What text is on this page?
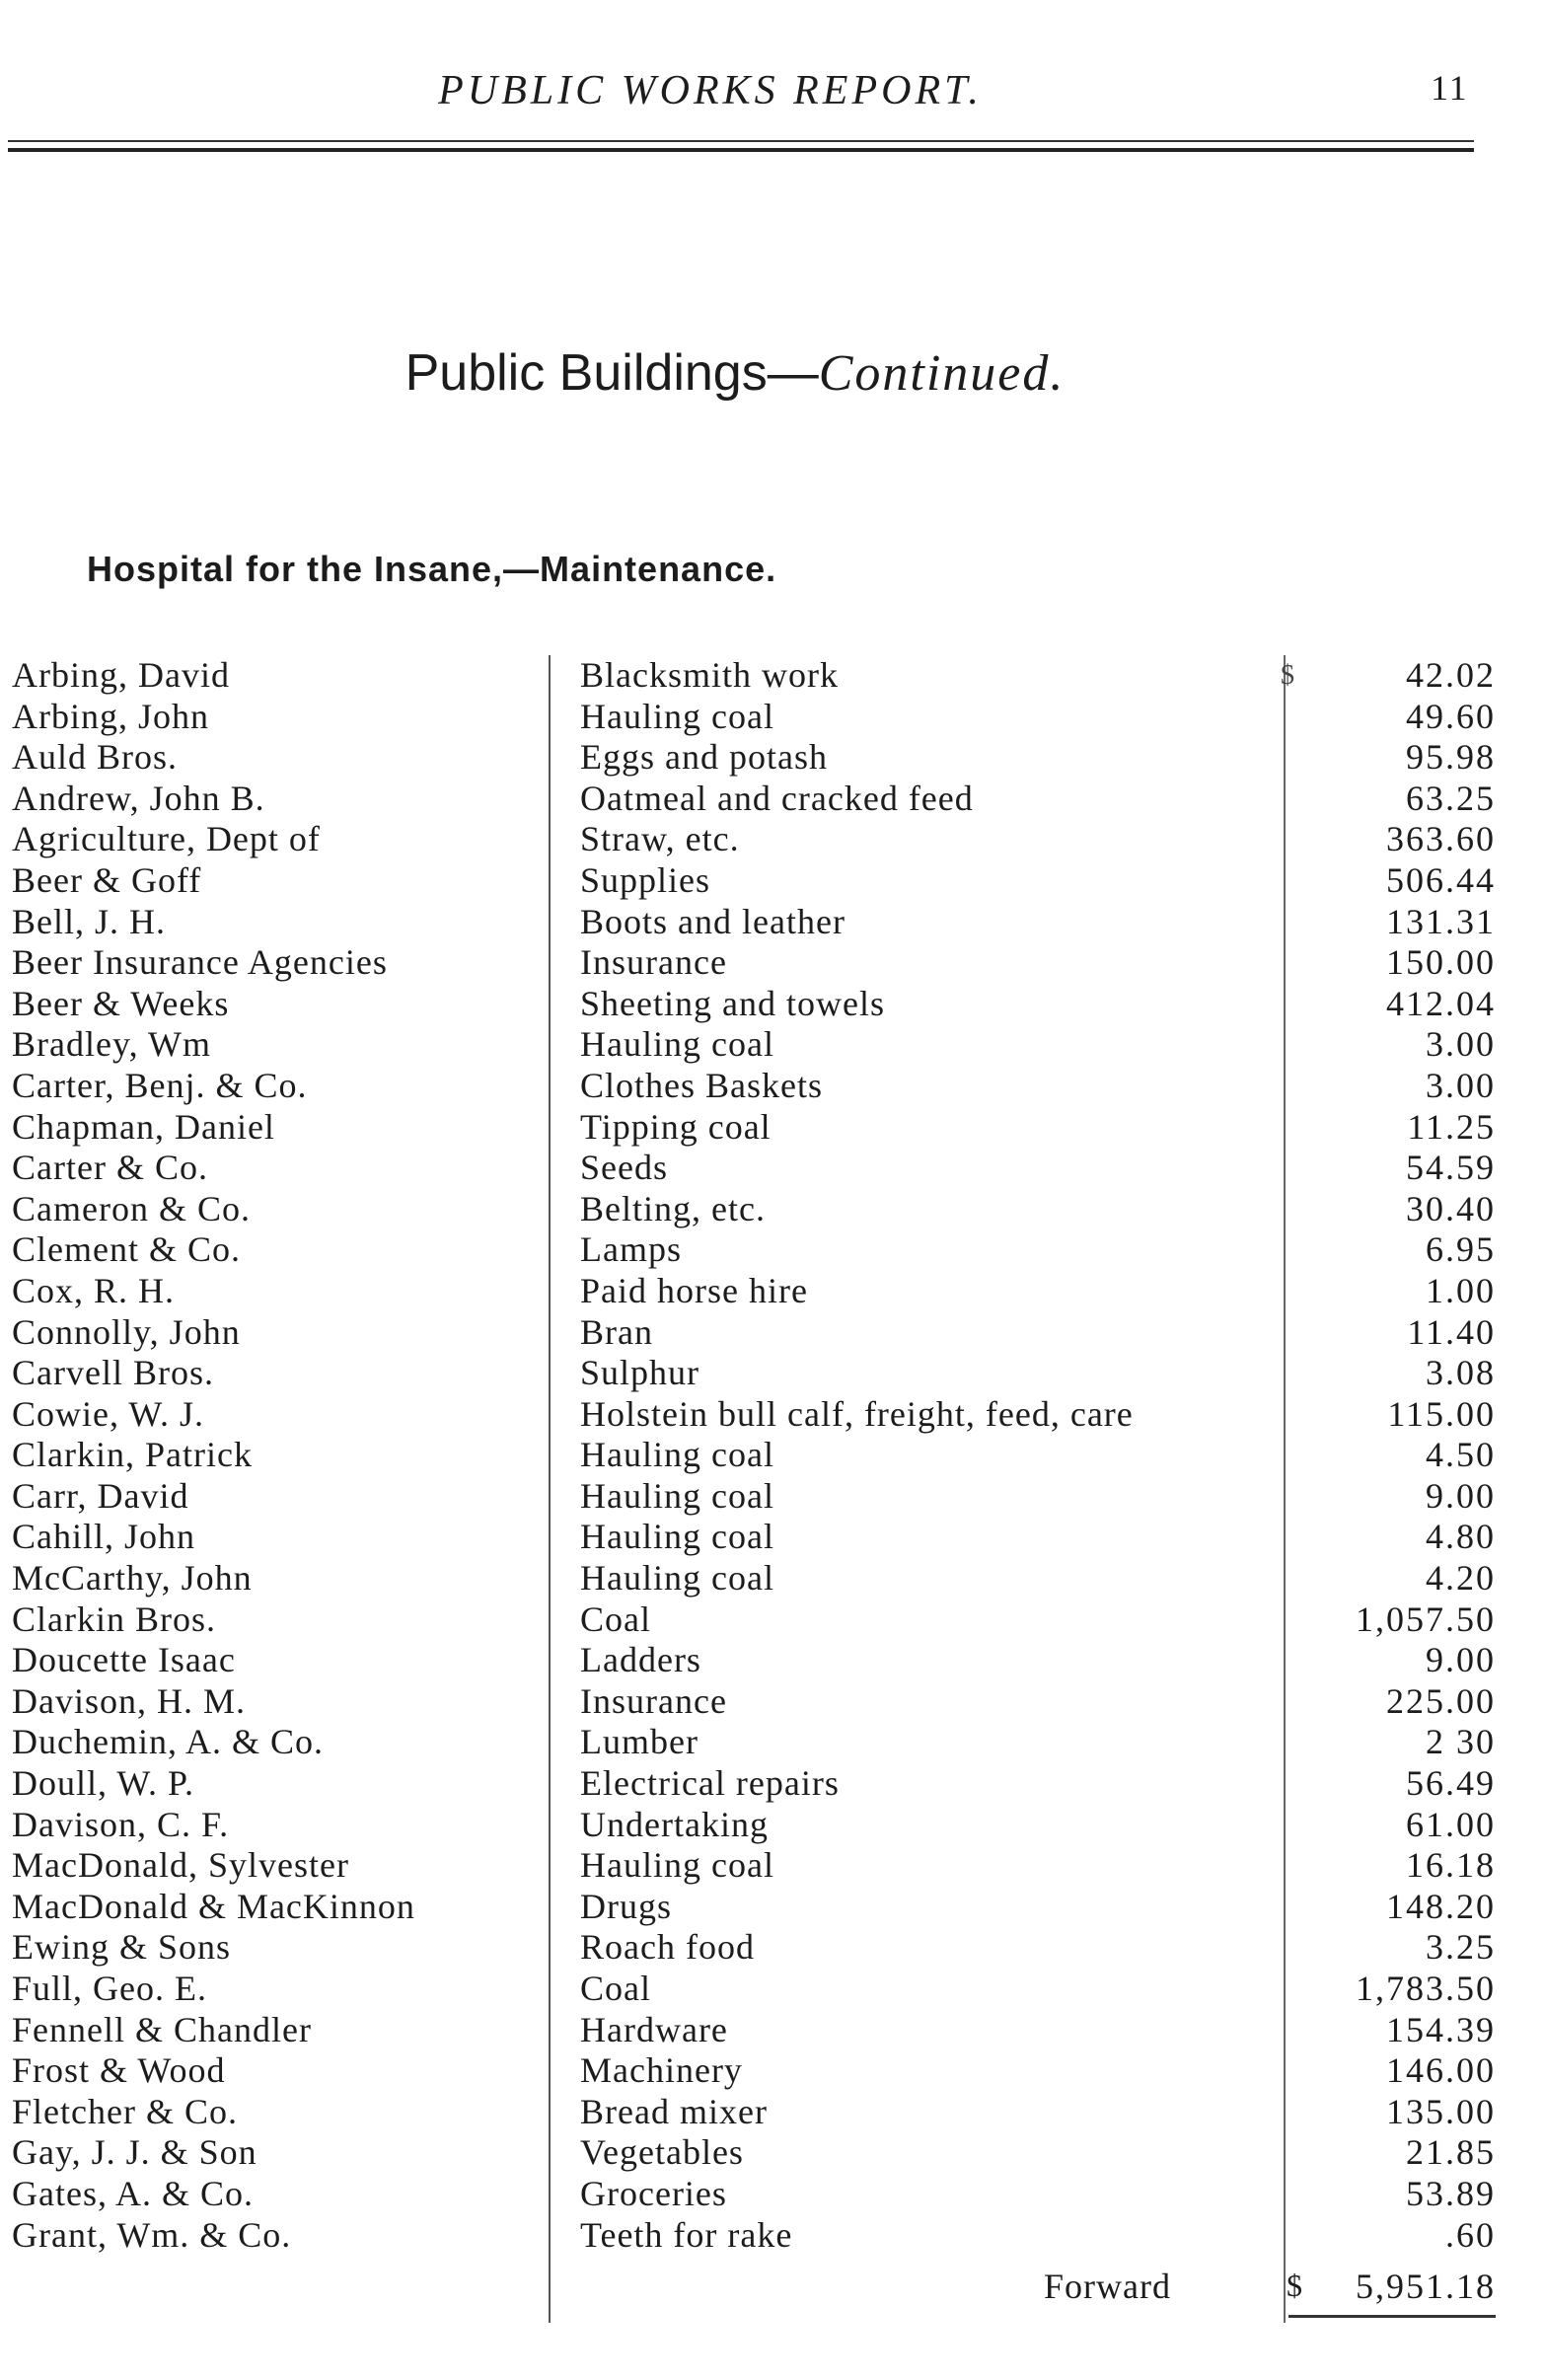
PUBLIC WORKS REPORT.	11
Public Buildings—Continued.
Hospital for the Insane,—Maintenance.
$
Arbing, David	Blacksmith work	42.02
Arbing, John	Hauling coal	49.60
Auld Bros.	Eggs and potash	95.98
Andrew, John B.	Oatmeal and cracked feed	63.25
Agriculture, Dept of	Straw, etc.	363.60
Beer & Goff	Supplies	506.44
Bell, J. H.	Boots and leather	131.31
Beer Insurance Agencies	Insurance	150.00
Beer & Weeks	Sheeting and towels	412.04
Bradley, Wm	Hauling coal	3.00
Carter, Benj. & Co.	Clothes Baskets	3.00
Chapman, Daniel	Tipping coal	11.25
Carter & Co.	Seeds	54.59
Cameron & Co.	Belting, etc.	30.40
Clement & Co.	Lamps	6.95
Cox, R. H.	Paid horse hire	1.00
Connolly, John	Bran	11.40
Carvell Bros.	Sulphur	3.08
Cowie, W. J.	Holstein bull calf, freight, feed, care	115.00
Clarkin, Patrick	Hauling coal	4.50
Carr, David	Hauling coal	9.00
Cahill, John	Hauling coal	4.80
McCarthy, John	Hauling coal	4.20
Clarkin Bros.	Coal	1,057.50
Doucette Isaac	Ladders	9.00
Davison, H. M.	Insurance	225.00
Duchemin, A. & Co.	Lumber	2 30
Doull, W. P.	Electrical repairs	56.49
Davison, C. F.	Undertaking	61.00
MacDonald, Sylvester	Hauling coal	16.18
MacDonald & MacKinnon	Drugs	148.20
Ewing & Sons	Roach food	3.25
Full, Geo. E.	Coal	1,783.50
Fennell & Chandler	Hardware	154.39
Frost & Wood	Machinery	146.00
Fletcher & Co.	Bread mixer	135.00
Gay, J. J. & Son	Vegetables	21.85
Gates, A. & Co.	Groceries	53.89
Grant, Wm. & Co.	Teeth for rake	.60
Forward	$	5,951.18
